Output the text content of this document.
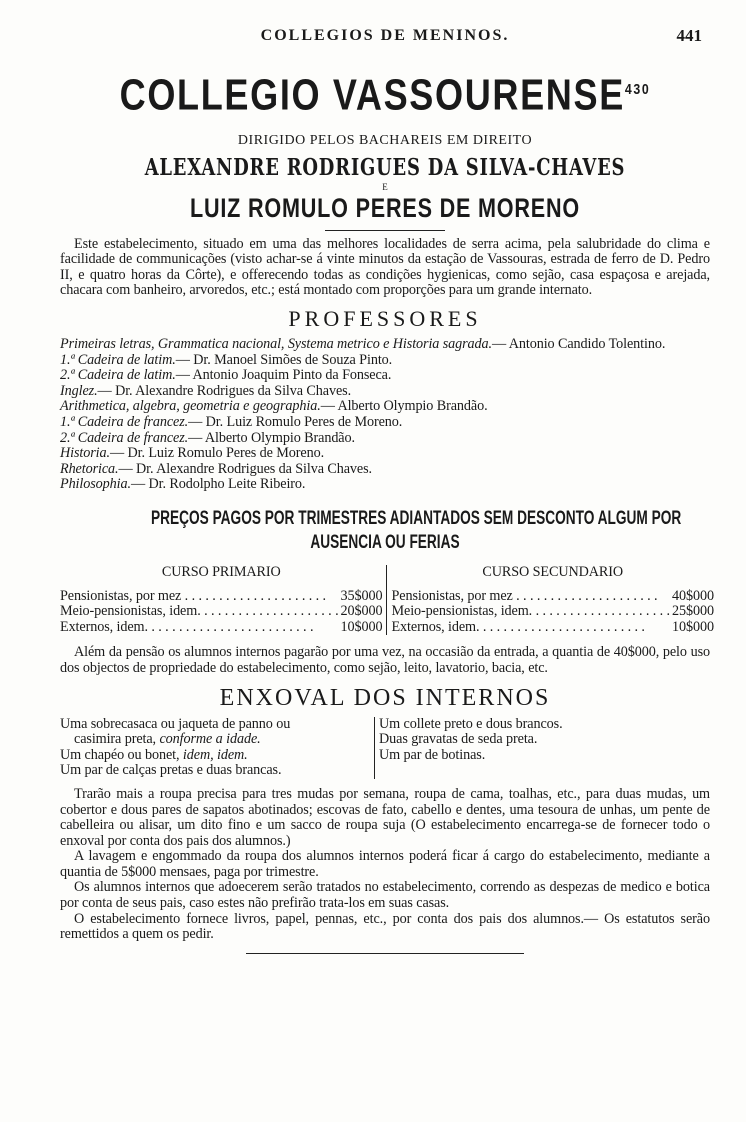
COLLEGIOS DE MENINOS.	441
COLLEGIO VASSOURENSE$^{430}$
DIRIGIDO PELOS BACHAREIS EM DIREITO
ALEXANDRE RODRIGUES DA SILVA-CHAVES
E
LUIZ ROMULO PERES DE MORENO
Este estabelecimento, situado em uma das melhores localidades de serra acima, pela salubridade do clima e facilidade de communicações (visto achar-se á vinte minutos da estação de Vassouras, estrada de ferro de D. Pedro II, e quatro horas da Côrte), e offerecendo todas as condições hygienicas, como sejão, casa espaçosa e arejada, chacara com banheiro, arvoredos, etc.; está montado com proporções para um grande internato.
PROFESSORES
Primeiras letras, Grammatica nacional, Systema metrico e Historia sagrada.— Antonio Candido Tolentino.
1.ª Cadeira de latim.— Dr. Manoel Simões de Souza Pinto.
2.ª Cadeira de latim.— Antonio Joaquim Pinto da Fonseca.
Inglez.— Dr. Alexandre Rodrigues da Silva Chaves.
Arithmetica, algebra, geometria e geographia.— Alberto Olympio Brandão.
1.ª Cadeira de francez.— Dr. Luiz Romulo Peres de Moreno.
2.ª Cadeira de francez.— Alberto Olympio Brandão.
Historia.— Dr. Luiz Romulo Peres de Moreno.
Rhetorica.— Dr. Alexandre Rodrigues da Silva Chaves.
Philosophia.— Dr. Rodolpho Leite Ribeiro.
PREÇOS PAGOS POR TRIMESTRES ADIANTADOS SEM DESCONTO ALGUM POR
AUSENCIA OU FERIAS
CURSO PRIMARIO
Pensionistas, por mez . . . . . . . . . . . . . . . . . . . . .	35$000
Meio-pensionistas, idem. . . . . . . . . . . . . . . . . . . . . 20$000
Externos, idem. . . . . . . . . . . . . . . . . . . . . . . . .	10$000
CURSO SECUNDARIO
Pensionistas, por mez . . . . . . . . . . . . . . . . . . . . .	40$000
Meio-pensionistas, idem. . . . . . . . . . . . . . . . . . . . . 25$000
Externos, idem. . . . . . . . . . . . . . . . . . . . . . . . .	10$000
Além da pensão os alumnos internos pagarão por uma vez, na occasião da entrada, a quantia de 40$000, pelo uso dos objectos de propriedade do estabelecimento, como sejão, leito, lavatorio, bacia, etc.
ENXOVAL DOS INTERNOS
Uma sobrecasaca ou jaqueta de panno ou
casimira preta, conforme a idade.
Um chapéo ou bonet, idem, idem.
Um par de calças pretas e duas brancas.
Um collete preto e dous brancos.
Duas gravatas de seda preta.
Um par de botinas.
Trarão mais a roupa precisa para tres mudas por semana, roupa de cama, toalhas, etc., para duas mudas, um cobertor e dous pares de sapatos abotinados; escovas de fato, cabello e dentes, uma tesoura de unhas, um pente de cabelleira ou alisar, um dito fino e um sacco de roupa suja (O estabelecimento encarrega-se de fornecer todo o enxoval por conta dos pais dos alumnos.)
A lavagem e engommado da roupa dos alumnos internos poderá ficar á cargo do estabelecimento, mediante a quantia de 5$000 mensaes, paga por trimestre.
Os alumnos internos que adoecerem serão tratados no estabelecimento, correndo as despezas de medico e botica por conta de seus pais, caso estes não prefirão trata-los em suas casas.
O estabelecimento fornece livros, papel, pennas, etc., por conta dos pais dos alumnos.— Os estatutos serão remettidos a quem os pedir.
